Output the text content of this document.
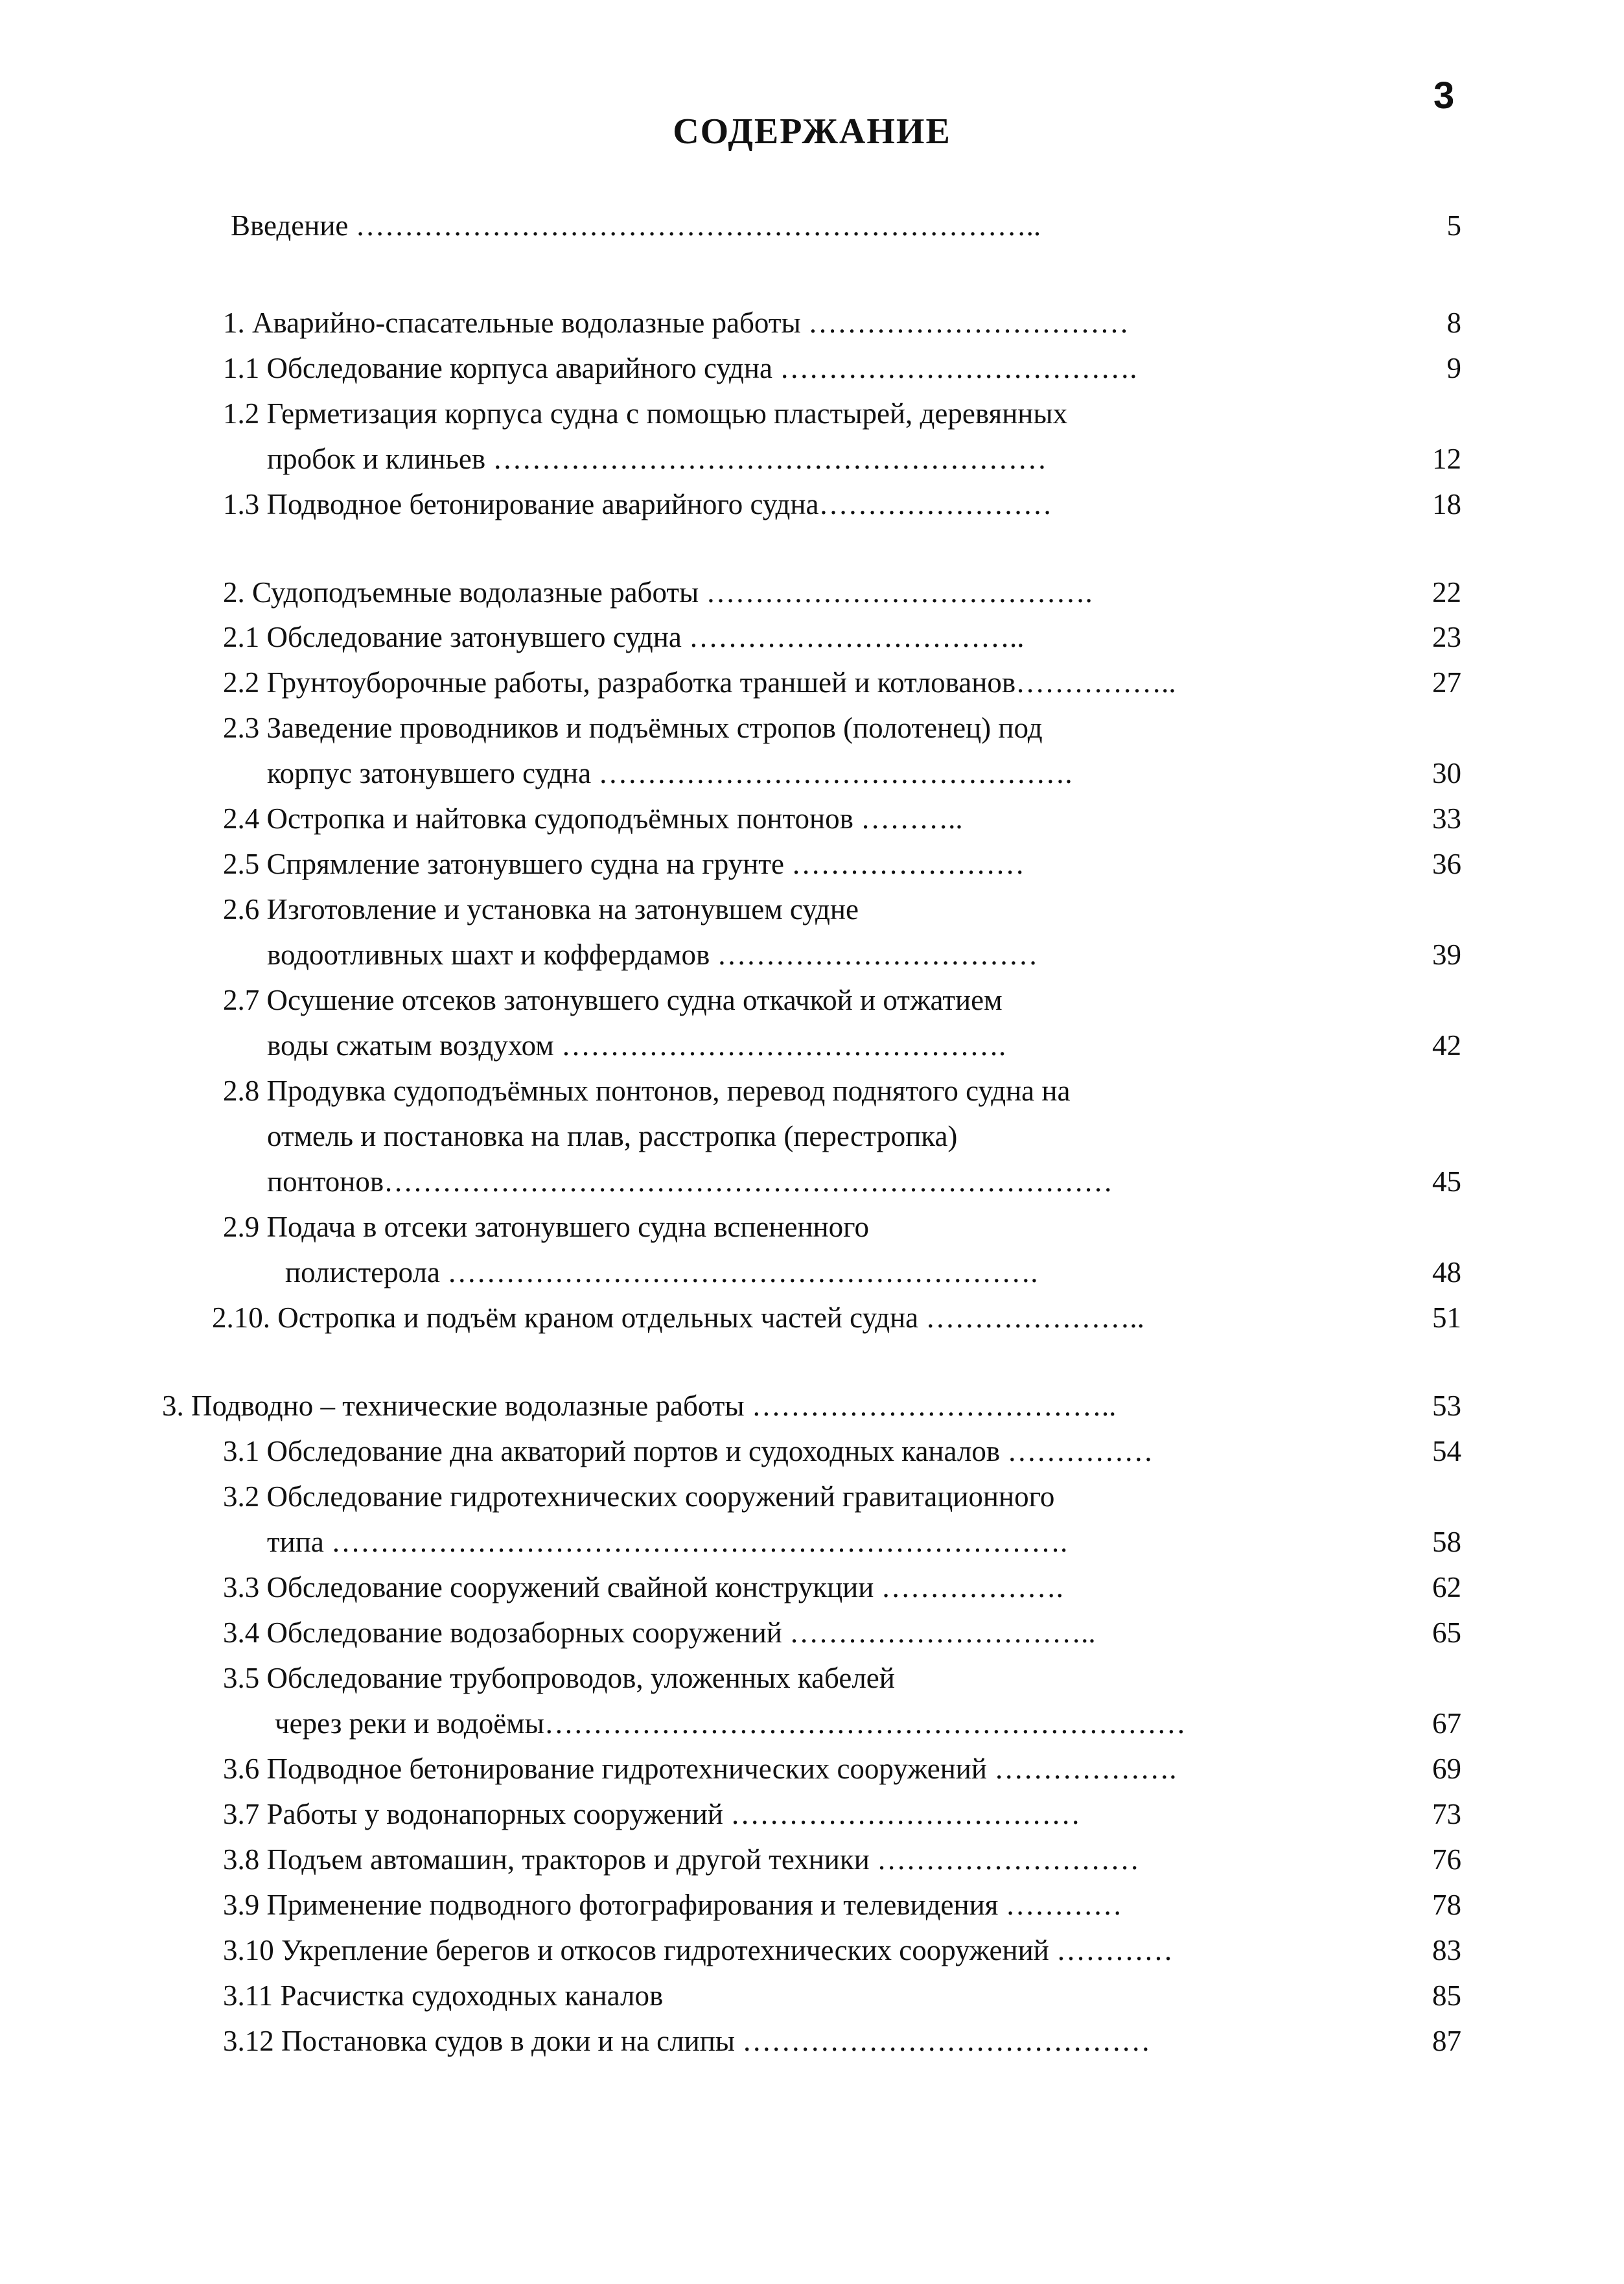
3
СОДЕРЖАНИЕ
Введение ……………………………………………………………..	5
1. Аварийно-спасательные водолазные работы ……………………………	8
1.1 Обследование корпуса аварийного судна ……………………………….	9
1.2 Герметизация корпуса судна с помощью пластырей, деревянных
пробок и клиньев …………………………………………………	12
1.3 Подводное бетонирование аварийного судна……………………	18
2. Судоподъемные водолазные работы ………………………………….	22
2.1 Обследование затонувшего судна ……………………………..	23
2.2 Грунтоуборочные работы, разработка траншей и котлованов……………..	27
2.3 Заведение проводников и подъёмных стропов (полотенец) под
корпус затонувшего судна ………………………………………….	30
2.4 Остропка и найтовка судоподъёмных понтонов ………..	33
2.5 Спрямление затонувшего судна на грунте ……………………	36
2.6 Изготовление и установка на затонувшем судне
водоотливных шахт и коффердамов ……………………………	39
2.7 Осушение отсеков затонувшего судна откачкой и отжатием
воды сжатым воздухом ……………………………………….	42
2.8 Продувка судоподъёмных понтонов, перевод поднятого судна на
отмель и постановка на плав, расстропка (перестропка)
понтонов…………………………………………………………………	45
2.9 Подача в отсеки затонувшего судна вспененного
полистерола …………………………………………………….	48
2.10. Остропка и подъём краном отдельных частей судна …………………..	51
3. Подводно – технические водолазные работы ………………………………..	53
3.1 Обследование дна акваторий портов и судоходных каналов ……………	54
3.2 Обследование гидротехнических сооружений гравитационного
типа ………………………………………………………………….	58
3.3 Обследование сооружений свайной конструкции ……………….	62
3.4 Обследование водозаборных сооружений …………………………..	65
3.5 Обследование трубопроводов, уложенных кабелей
через реки и водоёмы…………………………………………………………	67
3.6 Подводное бетонирование гидротехнических сооружений ……………….	69
3.7 Работы у водонапорных сооружений ………………………………	73
3.8 Подъем автомашин, тракторов и другой техники ………………………	76
3.9 Применение подводного фотографирования и телевидения …………	78
3.10 Укрепление берегов и откосов гидротехнических сооружений …………	83
3.11 Расчистка судоходных каналов	85
3.12 Постановка судов в доки и на слипы ……………………………………	87
